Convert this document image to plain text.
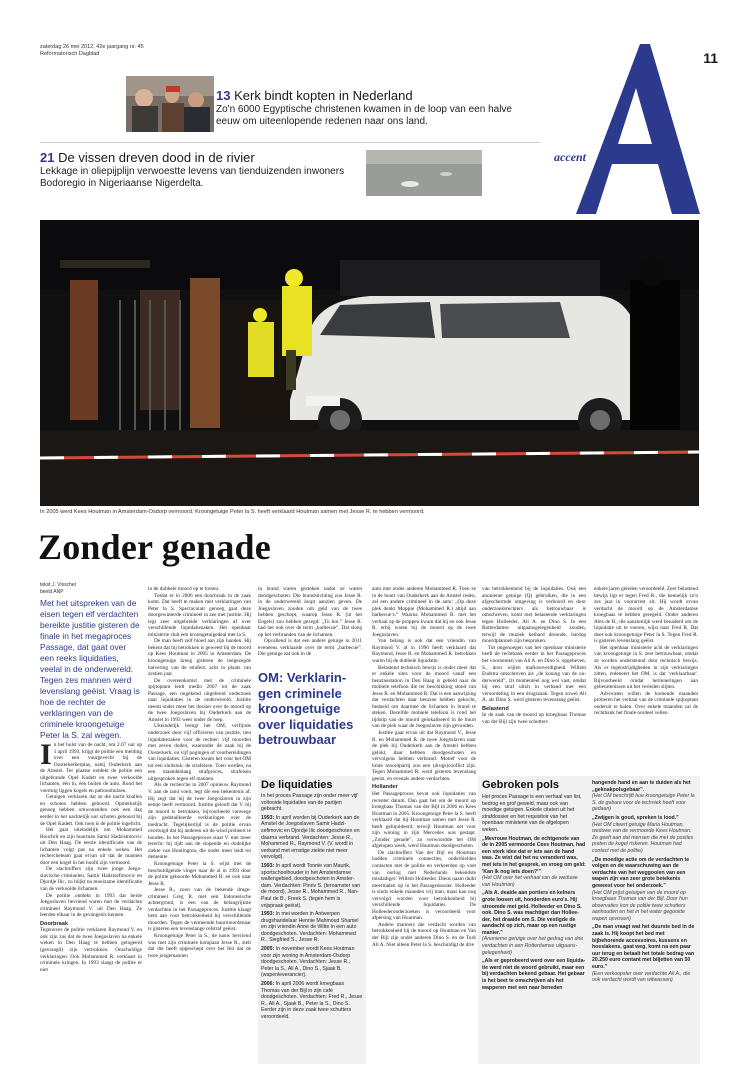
zaterdag 26 mei 2012, 42e jaargang nr. 45
Reformatorisch Dagblad	11
13 Kerk bindt kopten in Nederland
Zo'n 6000 Egyptische christenen kwamen in de loop van een halve eeuw om uiteenlopende redenen naar ons land.
21 De vissen dreven dood in de rivier
Lekkage in oliepijplijn verwoestte levens van tienduizenden inwoners Bodoregio in Nigeriaanse Nigerdelta.
accent
In 2005 werd Kees Houtman in Amsterdam-Osdorp vermoord. Kroongetuige Peter la S. heeft verklaard Houtman samen met Jesse R. te hebben vermoord.
Zonder genade
tekst J. Visscher
beeld ANP
Met het uitspreken van de eisen tegen elf verdachten bereikte justitie gisteren de finale in het megaproces Passage, dat gaat over een reeks liquidaties, veelal in de onderwereld. Tegen zes mannen werd levenslang geëist. Vraag is hoe de rechter de verklaringen van de criminele kroongetuige Peter la S. zal wegen.

In het holst van de nacht, om 2.07 uur op 1 april 1993, krijgt de politie een melding over een vuurgevecht bij de Oosterkerkerplas, nabij Ouderkerk aan de Amstel. Ter plaatse ontdekt de politie een uitgebrande Opel Kadett en twee verkoolde lichamen, één in, één buiten de auto. Rond het voertuig liggen kogels en patroonhulzen.

Getuigen verklaren dat ze die nacht knallen en schoten hebben gehoord. Opmerkelijk genoeg hebben omwonenden ook een dag eerder in het nachtelijk uur schoten gehoord bij de Opel Kadett. Ook toen is de politie ingelicht.

Het gaat uiteindelijk om Mohammed Bouchrit en zijn buurman Samir Hadzismitovic uit Den Haag. De eerste identificatie van de lichamen volgt pas na enkele weken. Het rechercheteam gaat ervan uit dat de mannen door een kogel in het hoofd zijn vermoord.

De slachtoffers zijn twee jonge Joegoslavische criminelen, Samir Hadzisefimovic en Djordje Ilic, zo blijkt na moeizame identificatie van de verkoolde lichamen.

De politie ontdekt in 1993 dat beide Joegoslaven bevriend waren met de verdachte crimineel Raymond V. uit Den Haag. Ze leerden elkaar in de gevangenis kennen.

Doorbraak

Tegenover de politie verklaren Raymond V. en ook zijn zus dat de twee Joegoslaven na enkele weken in Den Haag te hebben gelogeerd (gevraagd) zijn vertrokken. Onschuldige verklaringen. Ook Mohammed R. verklaart in criminele kringen. In 1993 slaagt de politie er niet

in de dubbele moord op te lossen.

Totdat er in 2006 een doorbraak in de zaak komt. Dat heeft te maken met verklaringen van Peter la S. Spectaculair genoeg gaat deze doorgewinterde crimineel in zee met justitie. Hij legt zeer uitgebreide verklaringen af over verschillende liquidatiezaken. Het openbaar ministerie sluit een kroongetuigedeal met la S.

De man heeft zelf bloed aan zijn handen. Hij bekent dat hij betrokken is geweest bij de moord op Kees Houtman in 2005 in Amsterdam. De kroongetuige kreeg gisteren de toegezegde halvering van de strafeis: acht in plaats van zestien jaar.

De overeenkomst met de criminele spijtoptant leidt medio 2007 tot de zaak Passage, een ongekend uitgebreid onderzoek naar liquidaties in de onderwereld. Justitie neemt onder meer het dossier over de moord op de twee Joegoslaven bij Ouderkerk aan de Amstel in 1993 weer onder de loep.

Uiteindelijk brengt het OM, verfijnde onderzoek door vijf officieren van justitie, tien liquidatiezaken voor de rechter: vijf moorden met zeven doden, waaronder de zaak bij de Oosterkerk, en vijf pogingen of voorbereidingen van liquidaties. Gisteren kwam het voor het OM tot een sluitstuk: de strafeisen. Toen werden, na een maandenlang strafproces, strafeisen uitgesproken tegen elf mannen.

Als de recherche in 2007 opnieuw Raymond V. aan de tand voelt, legt die een bekentenis af. Hij zegt dat hij de twee Joegoslaven in zijn eentje heeft vermoord. Justitie gelooft dat V. bij de moord is betrokken, bijvoorbeeld vanwege zijn gedetailleerde verklaringen over de toedracht. Tegelijkertijd is de politie ervan overtuigd dat hij anderen uit de wind probeert te houden. In het Passageproces staat V. niet meer terecht: hij tijdt aan de slopende en dodelijke ziekte van Huntington, die onder meer leidt tot dementie.

Kroongetuige Peter la S. wijst met de beschuldigende vinger naar de al in 1993 door de politie gehoorde Mohammed R. en ook naar Jesse R.

Jesse R., zoon van de bekende drugecrimineel Greg R. met een Indonesische achtergrond, is een van de belangrijkste verdachten in het Passageproces. Justitie klaagt hem aan voor betrokkenheid bij verschillende moorden. Tegen de vermeende huurmoordenaar is gisteren een levenslange celstraf geëist.

Kroongetuige Peter la S., de nauw bevriend was met zijn criminele kompaan Jesse R., stelt dat die heeft opgeschept over het feit dat de twee jongemannen

in brand waren gestoken nadat ze waren doodgeschoten. Die brandstichting zou Jesse R. in de onderwereld loopt aanzien geven. De Joegoslaven zouden om geld van de twee hebben geschopt, waarop Jesse R. (in het Engels) zou hebben gezegd: „To hot.” Jesse R. had het ook over de term „barbecue”. Dat sloeg op het verbranden van de lichamen.

Opvallend is dat een andere getuige in 2011 eveneens verklaarde over de term „barbecue”. Die getuige zat ook in de

OM: Verklaringen criminele kroongetuige over liquidaties betrouwbaar
De liquidaties

In het proces Passage zijn onder meer vijf voltooide liquidaties van de partijen gebracht.

1993: In april worden bij Ouderkerk aan de Amstel de Joegoslaven Samir Hadzisefimovic en Djordje Ilic doodgeschoten en daarna verbrand. Verdachten: Jesse R., Mohammed R., Raymond V. (V. wordt in verband met ernstige ziekte niet meer vervolgd).

1993: In april wordt Tonnie van Maurik, sportschoolhouder in het Amsterdamse wallengebied, doodgeschoten in Amsterdam. Verdachten: Pinriv S. (teroamster van de moord), Jesse R., Mohammed R., Nan-Paul de B., Freek S. (tegen hem is vrijspraak geëist).

1993: In mei worden in Antwerpen drugshandelaar Hennie Mahmoud Shamel en zijn vriendin Anne de Witte in een auto doodgeschoten. Verdachten: Mohammed R., Siegfried S., Jesse R.

2005: In november wordt Kees Houtman voor zijn woning in Amsterdam-Osdorp doodgeschoten. Verdachten: Jesse R., Peter la S., Ali A., Dino S., Sjaak B. (wapenleverancier).

2006: In april 2006 wordt kroegbaas Thomas van der Bijl in zijn café doodgeschoten. Verdachten: Fred R., Jesse R., Ali A., Sjaak B., Peter la S., Dino S. Eerder zijn in deze zaak twee schutters veroordeeld.

auto met onder anderen Mohammed R. Toen ze in de buurt van Ouderkerk aan de Amstel reden, zei een andere crimineel in de auto: „Op deze plek denkt Moppie (Mohammed R.) altijd aan barbecue’s.” Waarna Mohammed R. met het verhaal op de proppen kwam dat hij en ook Jesse R. erbij waren bij de moord op de twee Joegoslaven.

Van belang is ook dat een vriendin van Raymond V. al in 1996 heeft verklaard dat Raymond, Jesse R. en Mohammed R. betrokken waren bij de dubbele liquidatie.

Belastend technisch bewijs is onder meer dat er enkele sites voor de moord vanaf een benzinestation in Den Haag is gebeld naar de mobiele telefoon die ter beschikking stond van Jesse R. en Mohammed R. Dat is een aanwijzing dat verdachten daar benzine hebben gekocht, bedoeld om daarmee de lichamen in brand te steken. Dezelfde mobiele telefoon is rond het tijdstip van de moord gelokaliseerd in de buurt van de plek waar de Joegoslaven zijn gevonden.

Justitie gaat ervan uit dat Raymond V., Jesse R. en Mohammed R. de twee Joegoslaven naar de plek bij Ouderkerk aan de Amstel hebben gelokt, daar hebben doodgeschoten en vervolgens hebben verbrand. Motief voor de brute moordpartij zou een (drugs)conflict zijn. Tegen Mohammed R. werd gisteren levenslang geeist, en evenals andere verdachten.

Hollander

Het Passageproces bevat ook liquidaties van recenter datum. Dan gaat het om de moord op kroegbaas Thomas van der Bijl in 2006 en Kees Houtman in 2005. Kroongetuige Peter la S. heeft verklaard dat hij Houtman samen met Jesse R. heeft geliquideerd; terwijl Houtman net voor zijn woning in zijn Mercedes was gestapt. „Zonder genade”, zo verwoordde het OM afgelopen week, werd Houtman doodgeschoten.

De slachtoffers Van der Bijl en Houtman hadden criminele connecties, onderhielden contacten met de politie en verkeerden op voet van oorlog met Nederlands bekendste misdadiger: Willem Holleeder. Dieus naam duikt meermalen op in het Passagedossier. Holleeder is sinds enkele maanden vrij man, maar kan nog vervolgd worden voor betrokkenheid bij verschillende liquidaties. De Holleederonderzoeken is veroordeeld voor afpersing van Houtman.

Andere manners die verdacht worden van betrokkenheid bij de moord op Houtman en Van der Bijl zijn onder anderen Dino S. en de Turk Ali A. Niet alleen Peter la S. beschuldigt de drie

van betrokkenheid bij de liquidaties. Ook een anonieme getuige (Q) gebruiken, die in een afgeschermde omgeving is verhoord en door onderzoeksrechters als betrouwbaar is omschreven, komt met belastende verklaringen tegen Holleeder, Ali A. en Dino S. In een Rotterdamse uitgaansgelegenheid zouden, terwijl de muziek keihard dreunde, hardop moordplannen zijn besproken.

Tot ongenoegen van het openbaar ministerie heeft de rechtbank eerder in het Passageproces het voornemen van Ali A. en Dino S. opgeheven. S., door wijlen mafiosoverdigheid Willem Endstra omschreven als „de koning van de onderwereld”, zit momenteel nog wel vast, omdat hij een straf uitzit in verband met een veroordeling in een drugszaak. Tegen zowel Ali A. als Dino S. werd gisteren levenslang geëist.

Belastend

In de zaak van de moord op kroegbaas Thomas van der Bijl zijn twee schutters

enkele jaren geleden veroordeeld. Zeer belastend bewijs ligt er tegen Fred R., die kennelijk zo'n zes jaar in voorarrest zit. Hij wordt ervan verdacht de moord op de Amsterdamse kroegbaas te hebben geregeld. Onder anderen Ales de B., die aanzienlijk werd benaderd om de liquidatie uit te voeren, wijst naar Fred R. Dat doet ook kroongetuige Peter la S. Tegen Fred R. is gisteren levenslang geëist.

Het openbaar ministerie acht de verklaringen van kroongetuige la S. zeer betrouwbaar, omdat ze worden ondersteund door technisch bewijs. Als er tegenstrijdigheden in zijn verklaringen zitten, redeneert het OM, is dat 'verklaarbaar'. Bijvoorbeeld omdat herinneringen aan gebeurtenissen uit het verleden slijten.

Advocaten willen de komende maanden proberen het verhaal van de criminele spijtoptant onderuit te halen. Over enkele maanden zal de rechtbank het finale oordeel vellen.

Gebroken pols

Het proces Passage is een verhaal van list, bedrog en grof geweld, maar ook van moedige getuigen. Enkele citaten uit het strafdossier en het requisitoir van het openbaar ministerie van de afgelopen weken.

„Mevrouw Houtman, de echtgenote van de in 2005 vermoorde Cees Houtman, had een sterk idee dat er iets aan de hand was. Ze wist dat het nu veranderd was, met iets in het gesprek, en vroeg om geld: 'Kan ik nog iets doen?'”
(Het OM over het verhaal van de weduwe van Houtman)

„Als A. dealde aan portiers en kelners grote loosen uit, honderden euro's. Hij stroomde met geld. Holleeder en Dino S. ook. Dino S. was machtiger dan Holleeder, het draaide om S. Die vestigde de aandacht op zich, maar op een rustige manier.”
(Anonieme getuige over het gedrag van drie verdachten in een Rotterdamse uitgaansgelegenheid)

„Als er geprobeerd werd over een liquidatie werd niet de woord gebruikt, maar een bij verdachten bekend gebaar. Het gebaar is het beet te omschrijven als het wapperen met een naar beneden

hangende hand en aan te duiden als het „geknakpolsgebaar”.
(Het OM beschrijft hoe kroongetuige Peter la S. de gebare voor de techniek heeft voor gedaan)

„Zwijgen is goud, spreken is lood.”
(Het OM citeert getuige Maria Houtman, weduwe van de vermoorde Kees Houtman. Ze geeft aan dat mensen die met de posties praten de kogel riskeren. Houtman had contact met de politie)

„De moedige actie om de verdachten te volgen en de waarschuwing aan de verdachte van het weggooien van een wapen zijn van zeer grote betekenis geweest voor het onderzoek.”
(Het OM prijst getuigen van de moord op kroegbaas Thomas van der Bijl. Door hun observaties kon de politie twee schutters aanhouden en het in het water gegooide wapen opvissen)

„De man vraagt wat het duurste bed in de zaak is. Hij koopt het bed met bijbehorende accessoires, kussens en hoeslakens, gaat weg, komt na een paar uur terug en betaalt het totale bedrag van 20.250 euro contant met biljetten van 50 euro.”
(Een verkoopster over verdachte Ali A., die ook verdacht wordt van witwassen)
